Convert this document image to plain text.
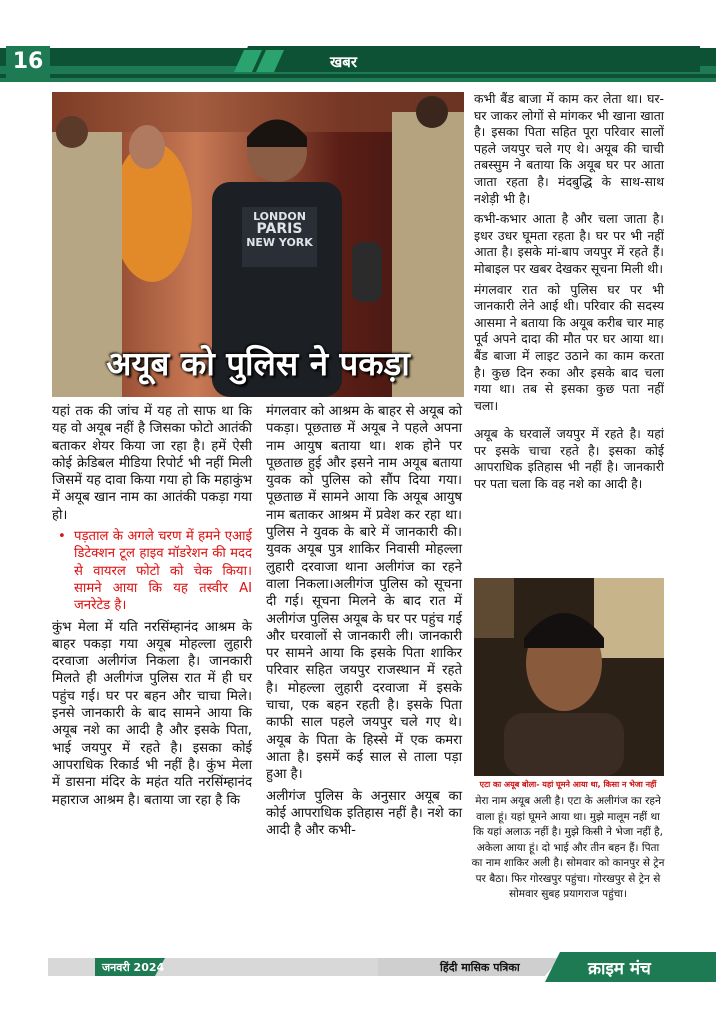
16	खबर
LONDON
PARIS
NEW YORK
अयूब को पुलिस ने पकड़ा

यहां तक की जांच में यह तो साफ था कि यह वो अयूब नहीं है जिसका फोटो आतंकी बताकर शेयर किया जा रहा है। हमें ऐसी कोई क्रेडिबल मीडिया रिपोर्ट भी नहीं मिली जिसमें यह दावा किया गया हो कि महाकुंभ में अयूब खान नाम का आतंकी पकड़ा गया हो।

• पड़ताल के अगले चरण में हमने एआई डिटेक्शन टूल हाइव मॉडरेशन की मदद से वायरल फोटो को चेक किया। सामने आया कि यह तस्वीर AI जनरेटेड है।

कुंभ मेला में यति नरसिंम्हानंद आश्रम के बाहर पकड़ा गया अयूब मोहल्ला लुहारी दरवाजा अलीगंज निकला है। जानकारी मिलते ही अलीगंज पुलिस रात में ही घर पहुंच गई। घर पर बहन और चाचा मिले। इनसे जानकारी के बाद सामने आया कि अयूब नशे का आदी है और इसके पिता, भाई जयपुर में रहते है। इसका कोई आपराधिक रिकार्ड भी नहीं है। कुंभ मेला में डासना मंदिर के महंत यति नरसिंम्हानंद महाराज आश्रम है। बताया जा रहा है कि

मंगलवार को आश्रम के बाहर से अयूब को पकड़ा। पूछताछ में अयूब ने पहले अपना नाम आयुष बताया था। शक होने पर पूछताछ हुई और इसने नाम अयूब बताया युवक को पुलिस को सौंप दिया गया। पूछताछ में सामने आया कि अयूब आयुष नाम बताकर आश्रम में प्रवेश कर रहा था। पुलिस ने युवक के बारे में जानकारी की। युवक अयूब पुत्र शाकिर निवासी मोहल्ला लुहारी दरवाजा थाना अलीगंज का रहने वाला निकला।अलीगंज पुलिस को सूचना दी गई। सूचना मिलने के बाद रात में अलीगंज पुलिस अयूब के घर पर पहुंच गई और घरवालों से जानकारी ली। जानकारी पर सामने आया कि इसके पिता शाकिर परिवार सहित जयपुर राजस्थान में रहते है। मोहल्ला लुहारी दरवाजा में इसके चाचा, एक बहन रहती है। इसके पिता काफी साल पहले जयपुर चले गए थे। अयूब के पिता के हिस्से में एक कमरा आता है। इसमें कई साल से ताला पड़ा हुआ है।

अलीगंज पुलिस के अनुसार अयूब का कोई आपराधिक इतिहास नहीं है। नशे का आदी है और कभी-

कभी बैंड बाजा में काम कर लेता था। घर-घर जाकर लोगों से मांगकर भी खाना खाता है। इसका पिता सहित पूरा परिवार सालों पहले जयपुर चले गए थे। अयूब की चाची तबस्सुम ने बताया कि अयूब घर पर आता जाता रहता है। मंदबुद्धि के साथ-साथ नशेड़ी भी है।

कभी-कभार आता है और चला जाता है। इधर उधर घूमता रहता है। घर पर भी नहीं आता है। इसके मां-बाप जयपुर में रहते हैं।मोबाइल पर खबर देखकर सूचना मिली थी।

मंगलवार रात को पुलिस घर पर भी जानकारी लेने आई थी। परिवार की सदस्य आसमा ने बताया कि अयूब करीब चार माह पूर्व अपने दादा की मौत पर घर आया था। बैंड बाजा में लाइट उठाने का काम करता है। कुछ दिन रुका और इसके बाद चला गया था। तब से इसका कुछ पता नहीं चला।

अयूब के घरवालें जयपुर में रहते है। यहां पर इसके चाचा रहते है। इसका कोई आपराधिक इतिहास भी नहीं है। जानकारी पर पता चला कि वह नशे का आदी है।

एटा का अयूब बोला- यहां घूमने आया था, किसा न भेजा नहीं
मेरा नाम अयूब अली है। एटा के अलीगंज का रहने वाला हूं। यहां घूमने आया था। मुझे मालूम नहीं था कि यहां अलाऊ नहीं है। मुझे किसी ने भेजा नहीं है, अकेला आया हूं। दो भाई और तीन बहन हैं। पिता का नाम शाकिर अली है। सोमवार को कानपुर से ट्रेन पर बैठा। फिर गोरखपुर पहुंचा। गोरखपुर से ट्रेन से सोमवार सुबह प्रयागराज पहुंचा।
जनवरी 2024	हिंदी मासिक पत्रिका	क्राइम मंच
